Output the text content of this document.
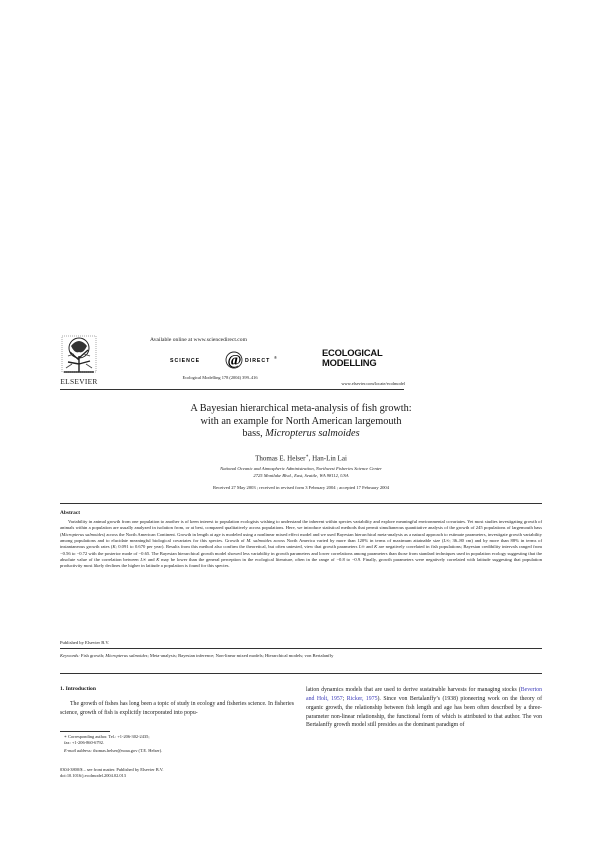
ELSEVIER
Available online at www.sciencedirect.com
SCIENCE @ DIRECT
®
Ecological Modelling 178 (2004) 399–416
ECOLOGICAL
MODELLING
www.elsevier.com/locate/ecolmodel
A Bayesian hierarchical meta-analysis of fish growth:
with an example for North American largemouth
bass, Micropterus salmoides
Thomas E. Helser∗, Han-Lin Lai
National Oceanic and Atmospheric Administration, Northwest Fisheries Science Center
2725 Montlake Blvd., East, Seattle, WA 98112, USA
Received 27 May 2003 ; received in revised form 3 February 2004 ; accepted 17 February 2004
Abstract
Variability in animal growth from one population to another is of keen interest to population ecologists wishing to understand the inherent within species variability and explore meaningful environmental covariates. Yet most studies investigating growth of animals within a population are usually analyzed in isolation from, or at best, compared qualitatively across populations. Here, we introduce statistical methods that permit simultaneous quantitative analysis of the growth of 245 populations of largemouth bass (Micropterus salmoides) across the North American Continent. Growth in length at age is modeled using a nonlinear mixed effect model and we used Bayesian hierarchical meta-analysis as a natural approach to estimate parameters, investigate growth variability among populations and to elucidate meaningful biological covariates for this species. Growth of M. salmoides across North America varied by more than 120% in terms of maximum attainable size (L∞; 36–80 cm) and by more than 88% in terms of instantaneous growth rates (K; 0.091 to 0.670 per year). Results from this method also confirm the theoretical, but often untested, view that growth parameters L∞ and K are negatively correlated in fish populations; Bayesian credibility intervals ranged from −0.56 to −0.72 with the posterior mode of −0.65. The Bayesian hierarchical growth model showed less variability in growth parameters and lower correlations among parameters than those from standard techniques used in population ecology suggesting that the absolute value of the correlation between L∞ and K may be lower than the general perception in the ecological literature, often in the range of −0.8 to −0.9. Finally, growth parameters were negatively correlated with latitude suggesting that population productivity most likely declines the higher in latitude a population is found for this species.
Published by Elsevier B.V.
Keywords: Fish growth; Micropterus salmoides; Meta-analysis; Bayesian inference; Non-linear mixed models; Hierarchical models; von Bertalanffy
1. Introduction
The growth of fishes has long been a topic of study in ecology and fisheries science. In fisheries science, growth of fish is explicitly incorporated into popu-
lation dynamics models that are used to derive sustainable harvests for managing stocks (Beverton and Holt, 1957; Ricker, 1975). Since von Bertalanffy’s (1938) pioneering work on the theory of organic growth, the relationship between fish length and age has been often described by a three-parameter non-linear relationship, the functional form of which is attributed to that author. The von Bertalanffy growth model still presides as the dominant paradigm of
∗ Corresponding author. Tel.: +1-206-302-2435;
fax: +1-206-860-6792.
E-mail address: thomas.helser@noaa.gov (T.E. Helser).
0304-3800/$ – see front matter. Published by Elsevier B.V.
doi:10.1016/j.ecolmodel.2004.02.013
